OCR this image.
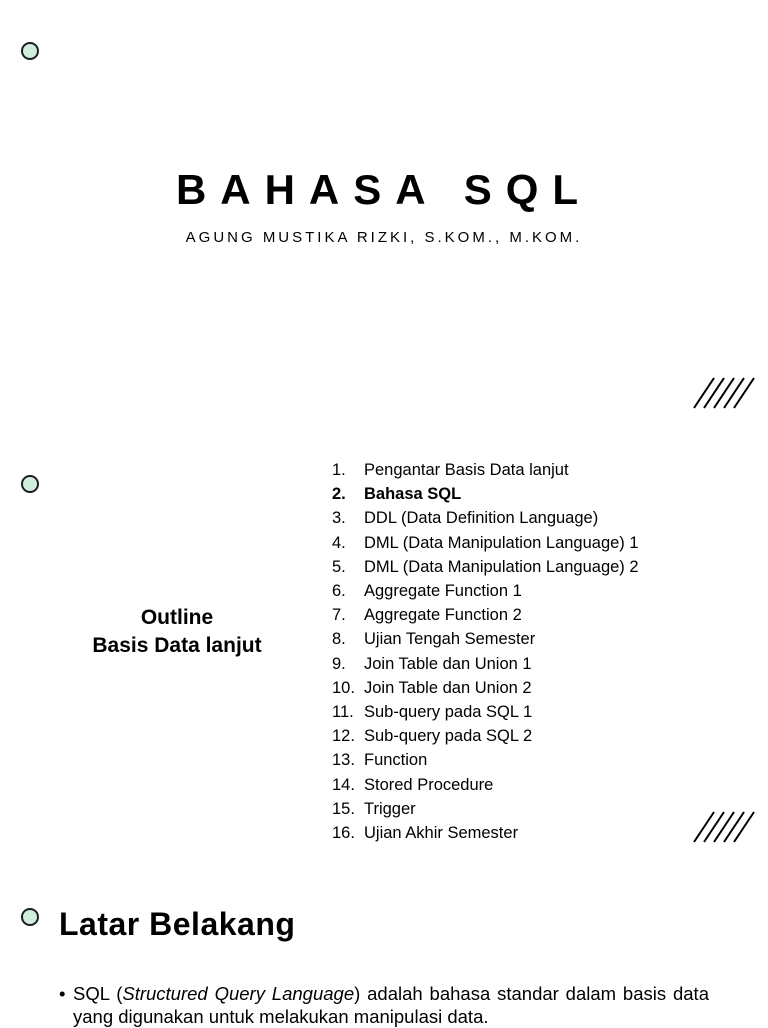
BAHASA SQL
AGUNG MUSTIKA RIZKI, S.KOM., M.KOM.
Outline
Basis Data lanjut
1. Pengantar Basis Data lanjut
2. Bahasa SQL
3. DDL (Data Definition Language)
4. DML (Data Manipulation Language) 1
5. DML (Data Manipulation Language) 2
6. Aggregate Function 1
7. Aggregate Function 2
8. Ujian Tengah Semester
9. Join Table dan Union 1
10. Join Table dan Union 2
11. Sub-query pada SQL 1
12. Sub-query pada SQL 2
13. Function
14. Stored Procedure
15. Trigger
16. Ujian Akhir Semester
Latar Belakang
• SQL (Structured Query Language) adalah bahasa standar dalam basis data yang digunakan untuk melakukan manipulasi data.
